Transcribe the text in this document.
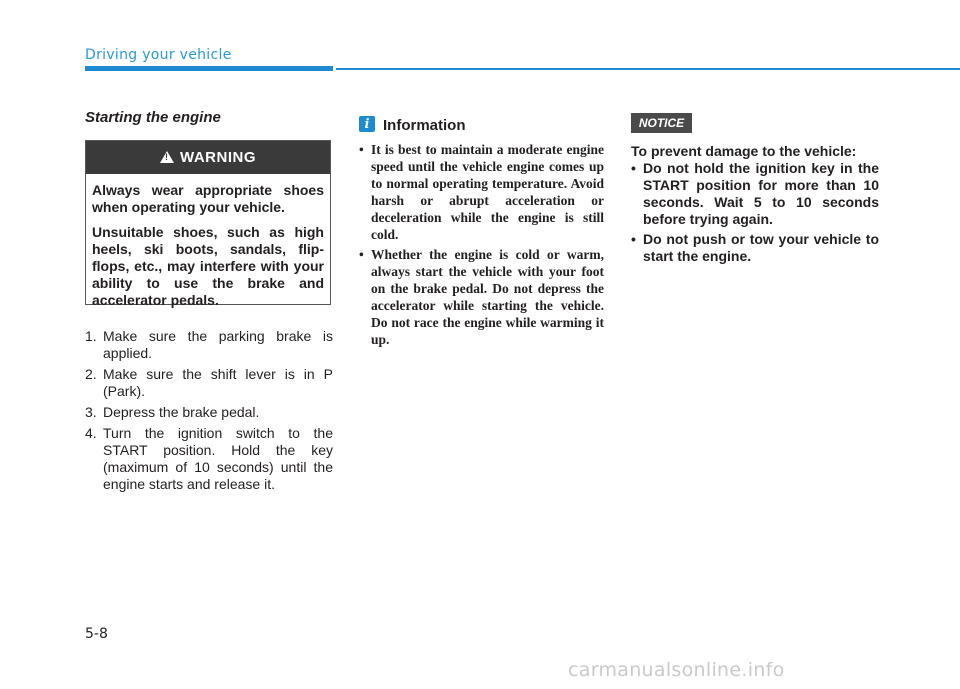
Driving your vehicle
Starting the engine
!
WARNING

Always wear appropriate shoes when operating your vehicle.

Unsuitable shoes, such as high heels, ski boots, sandals, flip-flops, etc., may interfere with your ability to use the brake and accelerator pedals.

1. Make sure the parking brake is applied.
2. Make sure the shift lever is in P (Park).
3. Depress the brake pedal.
4. Turn the ignition switch to the START position. Hold the key (maximum of 10 seconds) until the engine starts and release it.
i Information
• It is best to maintain a moderate engine speed until the vehicle engine comes up to normal operating temperature. Avoid harsh or abrupt acceleration or deceleration while the engine is still cold.
• Whether the engine is cold or warm, always start the vehicle with your foot on the brake pedal. Do not depress the accelerator while starting the vehicle. Do not race the engine while warming it up.
NOTICE
To prevent damage to the vehicle:
• Do not hold the ignition key in the START position for more than 10 seconds. Wait 5 to 10 seconds before trying again.
• Do not push or tow your vehicle to start the engine.
5-8
carmanualsonline.info
